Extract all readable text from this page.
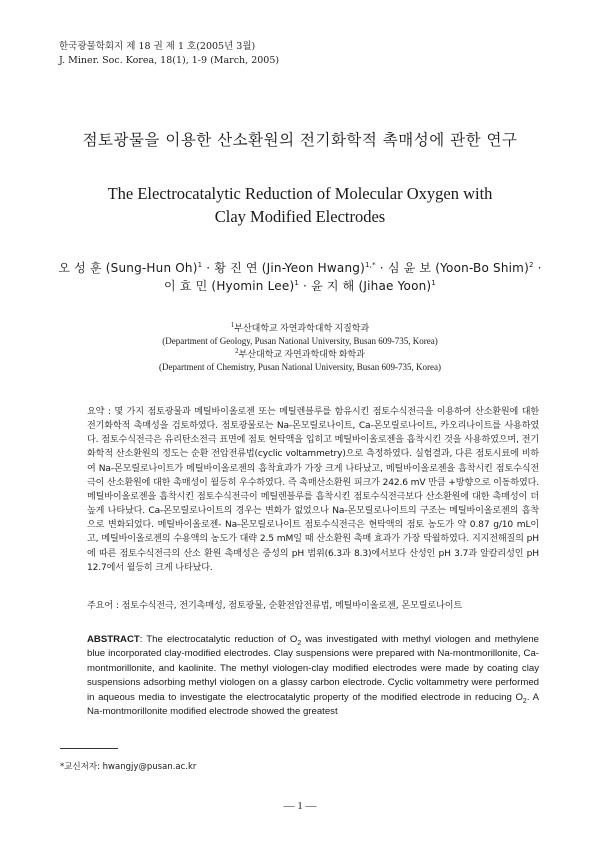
한국광물학회지 제 18 권 제 1 호(2005년 3월)
J. Miner. Soc. Korea, 18(1), 1-9 (March, 2005)
점토광물을 이용한 산소환원의 전기화학적 촉매성에 관한 연구
The Electrocatalytic Reduction of Molecular Oxygen with
Clay Modified Electrodes
오 성 훈 (Sung-Hun Oh)$^1$ · 황 진 연 (Jin-Yeon Hwang)$^{1,*}$ · 심 윤 보 (Yoon-Bo Shim)$^2$ ·
이 효 민 (Hyomin Lee)$^1$ · 윤 지 해 (Jihae Yoon)$^1$
$^1$부산대학교 자연과학대학 지질학과
(Department of Geology, Pusan National University, Busan 609-735, Korea)
$^2$부산대학교 자연과학대학 화학과
(Department of Chemistry, Pusan National University, Busan 609-735, Korea)
요약 : 몇 가지 점토광물과 메틸바이올로젠 또는 메틸렌블루를 함유시킨 점토수식전극을 이용하여 산소환원에 대한 전기화학적 촉매성을 검토하였다. 점토광물로는 Na-몬모릴로나이트, Ca-몬모릴로나이트, 카오리나이트를 사용하였다. 점토수식전극은 유리탄소전극 표면에 점토 현탁액을 입히고 메틸바이올로젠을 흡착시킨 것을 사용하였으며, 전기화학적 산소환원의 정도는 순환 전압전류법(cyclic voltammetry)으로 측정하였다. 실험결과, 다른 점토시료에 비하여 Na-몬모릴로나이트가 메틸바이올로젠의 흡착효과가 가장 크게 나타났고, 메틸바이올로젠을 흡착시킨 점토수식전극이 산소환원에 대한 촉매성이 월등히 우수하였다. 즉 촉매산소환원 피크가 242.6 mV 만큼 +방향으로 이동하였다. 메틸바이올로젠을 흡착시킨 점토수식전극이 메틸렌블루를 흡착시킨 점토수식전극보다 산소환원에 대한 촉매성이 더 높게 나타났다. Ca-몬모릴로나이트의 경우는 변화가 없었으나 Na-몬모릴로나이트의 구조는 메틸바이올로젠의 흡착으로 변화되었다. 메틸바이올로젠- Na-몬모릴로나이트 점토수식전극은 현탁액의 점토 농도가 약 0.87 g/10 mL이고, 메틸바이올로젠의 수용액의 농도가 대략 2.5 mM일 때 산소환원 촉매 효과가 가장 탁월하였다. 지지전해질의 pH에 따른 점토수식전극의 산소 환원 촉매성은 중성의 pH 범위(6.3과 8.3)에서보다 산성인 pH 3.7과 알칼리성인 pH 12.7에서 월등히 크게 나타났다.
주요어 : 점토수식전극, 전기촉매성, 점토광물, 순환전압전류법, 메틸바이올로젠, 몬모릴로나이트
ABSTRACT: The electrocatalytic reduction of $O_2$ was investigated with methyl viologen and methylene blue incorporated clay-modified electrodes. Clay suspensions were prepared with Na-montmorillonite, Ca-montmorillonite, and kaolinite. The methyl viologen-clay modified electrodes were made by coating clay suspensions adsorbing methyl viologen on a glassy carbon electrode. Cyclic voltammetry were performed in aqueous media to investigate the electrocatalytic property of the modified electrode in reducing $O_2$. A Na-montmorillonite modified electrode showed the greatest
*교신저자: hwangjy@pusan.ac.kr
— 1 —
